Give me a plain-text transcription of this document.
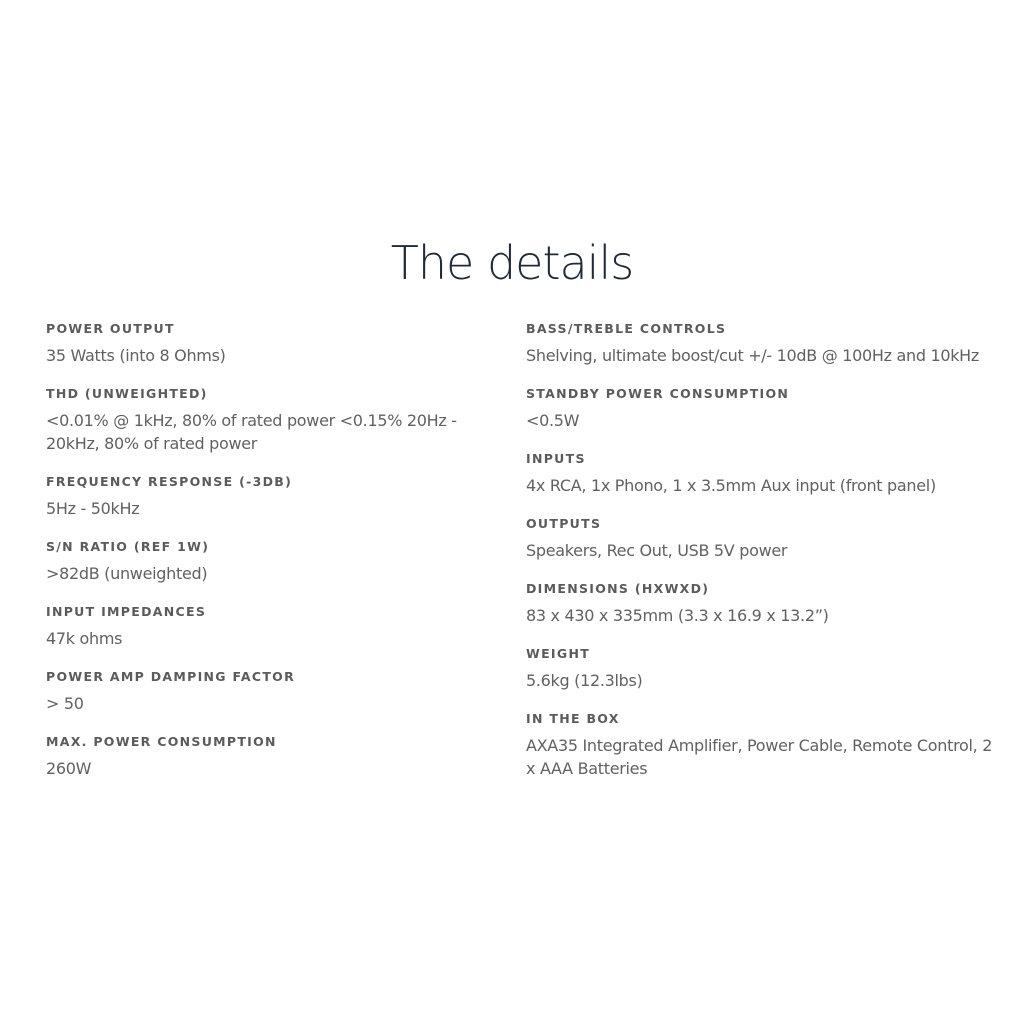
The details
POWER OUTPUT
35 Watts (into 8 Ohms)
THD (UNWEIGHTED)
<0.01% @ 1kHz, 80% of rated power <0.15% 20Hz - 20kHz, 80% of rated power
FREQUENCY RESPONSE (-3DB)
5Hz - 50kHz
S/N RATIO (REF 1W)
>82dB (unweighted)
INPUT IMPEDANCES
47k ohms
POWER AMP DAMPING FACTOR
> 50
MAX. POWER CONSUMPTION
260W
BASS/TREBLE CONTROLS
Shelving, ultimate boost/cut +/- 10dB @ 100Hz and 10kHz
STANDBY POWER CONSUMPTION
<0.5W
INPUTS
4x RCA, 1x Phono, 1 x 3.5mm Aux input (front panel)
OUTPUTS
Speakers, Rec Out, USB 5V power
DIMENSIONS (HXWXD)
83 x 430 x 335mm (3.3 x 16.9 x 13.2”)
WEIGHT
5.6kg (12.3lbs)
IN THE BOX
AXA35 Integrated Amplifier, Power Cable, Remote Control, 2 x AAA Batteries
